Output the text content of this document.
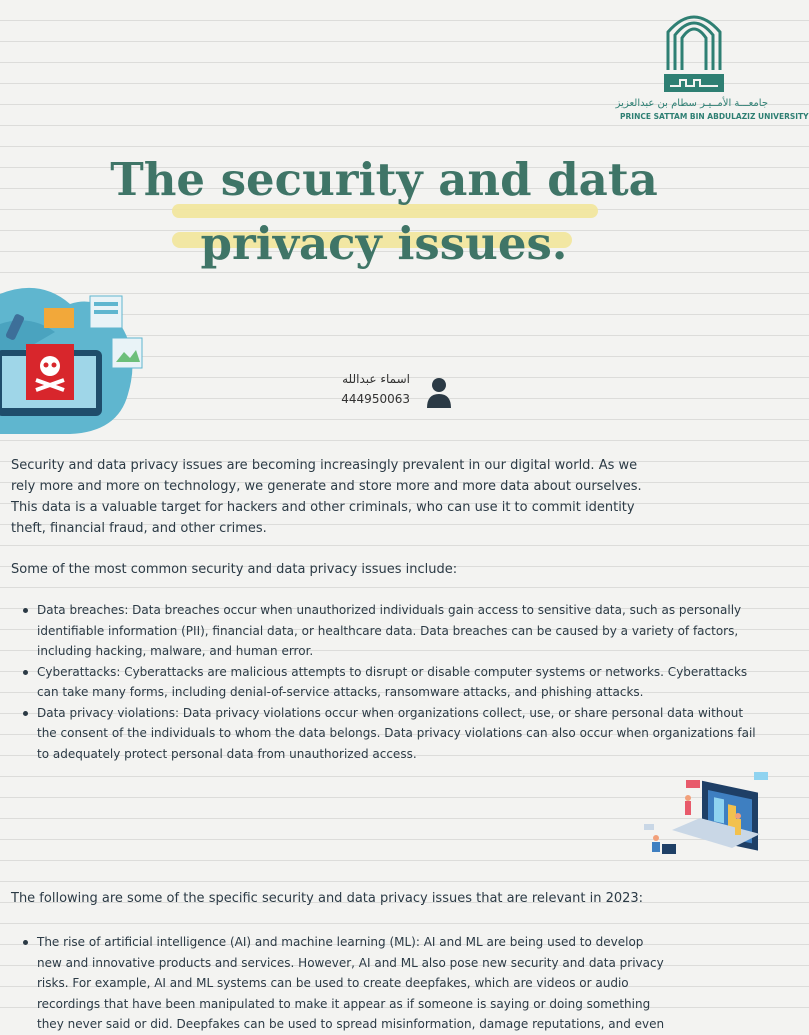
جامعـــة الأمــيـر سطام بن عبدالعزيز
PRINCE SATTAM BIN ABDULAZIZ UNIVERSITY
The security and data
privacy issues.
اسماء عبدالله
444950063

Security and data privacy issues are becoming increasingly prevalent in our digital world. As we rely more and more on technology, we generate and store more and more data about ourselves. This data is a valuable target for hackers and other criminals, who can use it to commit identity theft, financial fraud, and other crimes.

Some of the most common security and data privacy issues include:

Data breaches: Data breaches occur when unauthorized individuals gain access to sensitive data, such as personally identifiable information (PII), financial data, or healthcare data. Data breaches can be caused by a variety of factors, including hacking, malware, and human error.
Cyberattacks: Cyberattacks are malicious attempts to disrupt or disable computer systems or networks. Cyberattacks can take many forms, including denial-of-service attacks, ransomware attacks, and phishing attacks.
Data privacy violations: Data privacy violations occur when organizations collect, use, or share personal data without the consent of the individuals to whom the data belongs. Data privacy violations can also occur when organizations fail to adequately protect personal data from unauthorized access.

The following are some of the specific security and data privacy issues that are relevant in 2023:

The rise of artificial intelligence (AI) and machine learning (ML): AI and ML are being used to develop new and innovative products and services. However, AI and ML also pose new security and data privacy risks. For example, AI and ML systems can be used to create deepfakes, which are videos or audio recordings that have been manipulated to make it appear as if someone is saying or doing something they never said or did. Deepfakes can be used to spread misinformation, damage reputations, and even
